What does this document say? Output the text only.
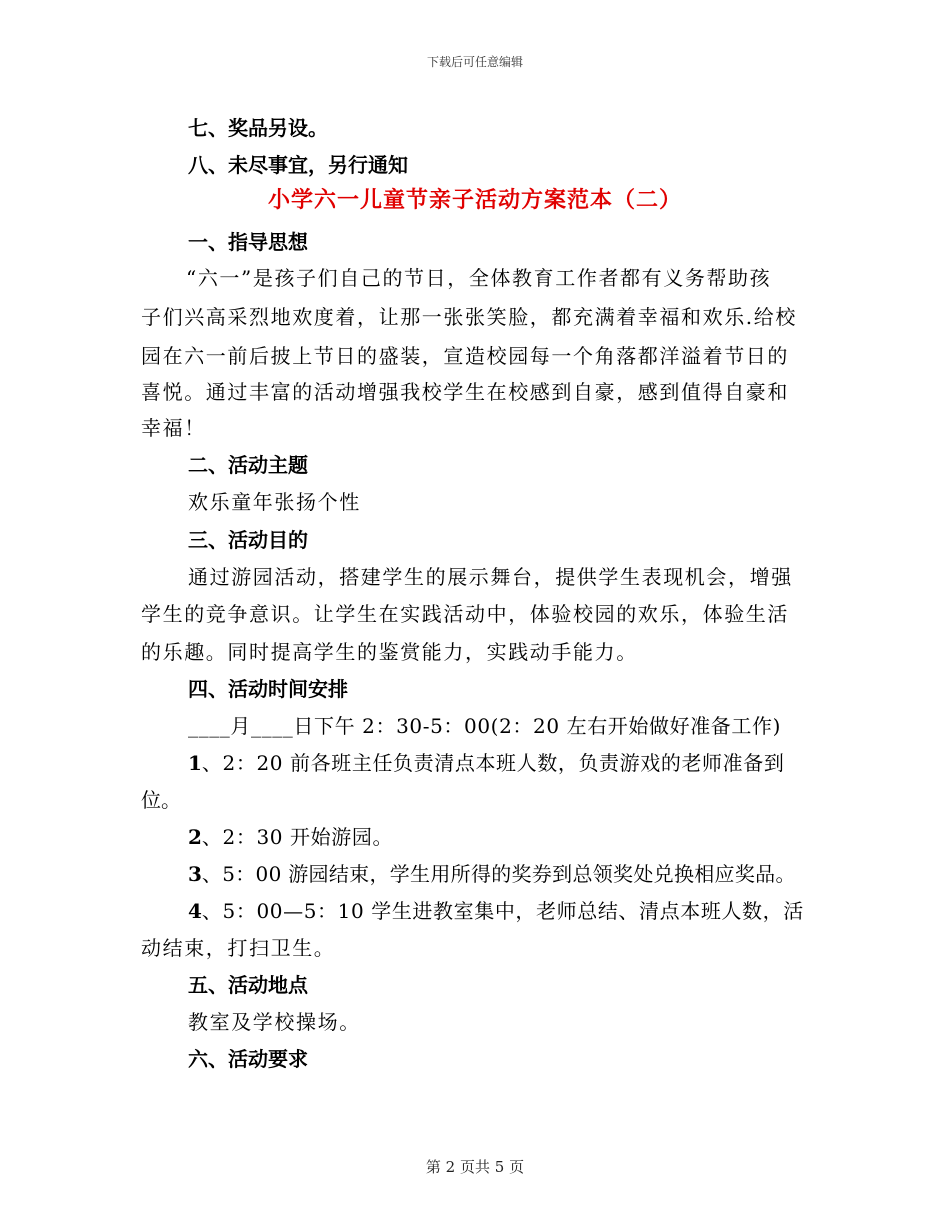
下载后可任意编辑
七、奖品另设。
八、未尽事宜，另行通知
小学六一儿童节亲子活动方案范本（二）
一、指导思想
“六一”是孩子们自己的节日，全体教育工作者都有义务帮助孩
子们兴高采烈地欢度着，让那一张张笑脸，都充满着幸福和欢乐.给校
园在六一前后披上节日的盛装，宣造校园每一个角落都洋溢着节日的
喜悦。通过丰富的活动增强我校学生在校感到自豪，感到值得自豪和
幸福！
二、活动主题
欢乐童年张扬个性
三、活动目的
通过游园活动，搭建学生的展示舞台，提供学生表现机会，增强
学生的竞争意识。让学生在实践活动中，体验校园的欢乐，体验生活
的乐趣。同时提高学生的鉴赏能力，实践动手能力。
四、活动时间安排
____月____日下午 2：30-5：00(2：20 左右开始做好准备工作)
1、2：20 前各班主任负责清点本班人数，负责游戏的老师准备到
位。
2、2：30 开始游园。
3、5：00 游园结束，学生用所得的奖券到总领奖处兑换相应奖品。
4、5：00—5：10 学生进教室集中，老师总结、清点本班人数，活
动结束，打扫卫生。
五、活动地点
教室及学校操场。
六、活动要求
第 2 页共 5 页
